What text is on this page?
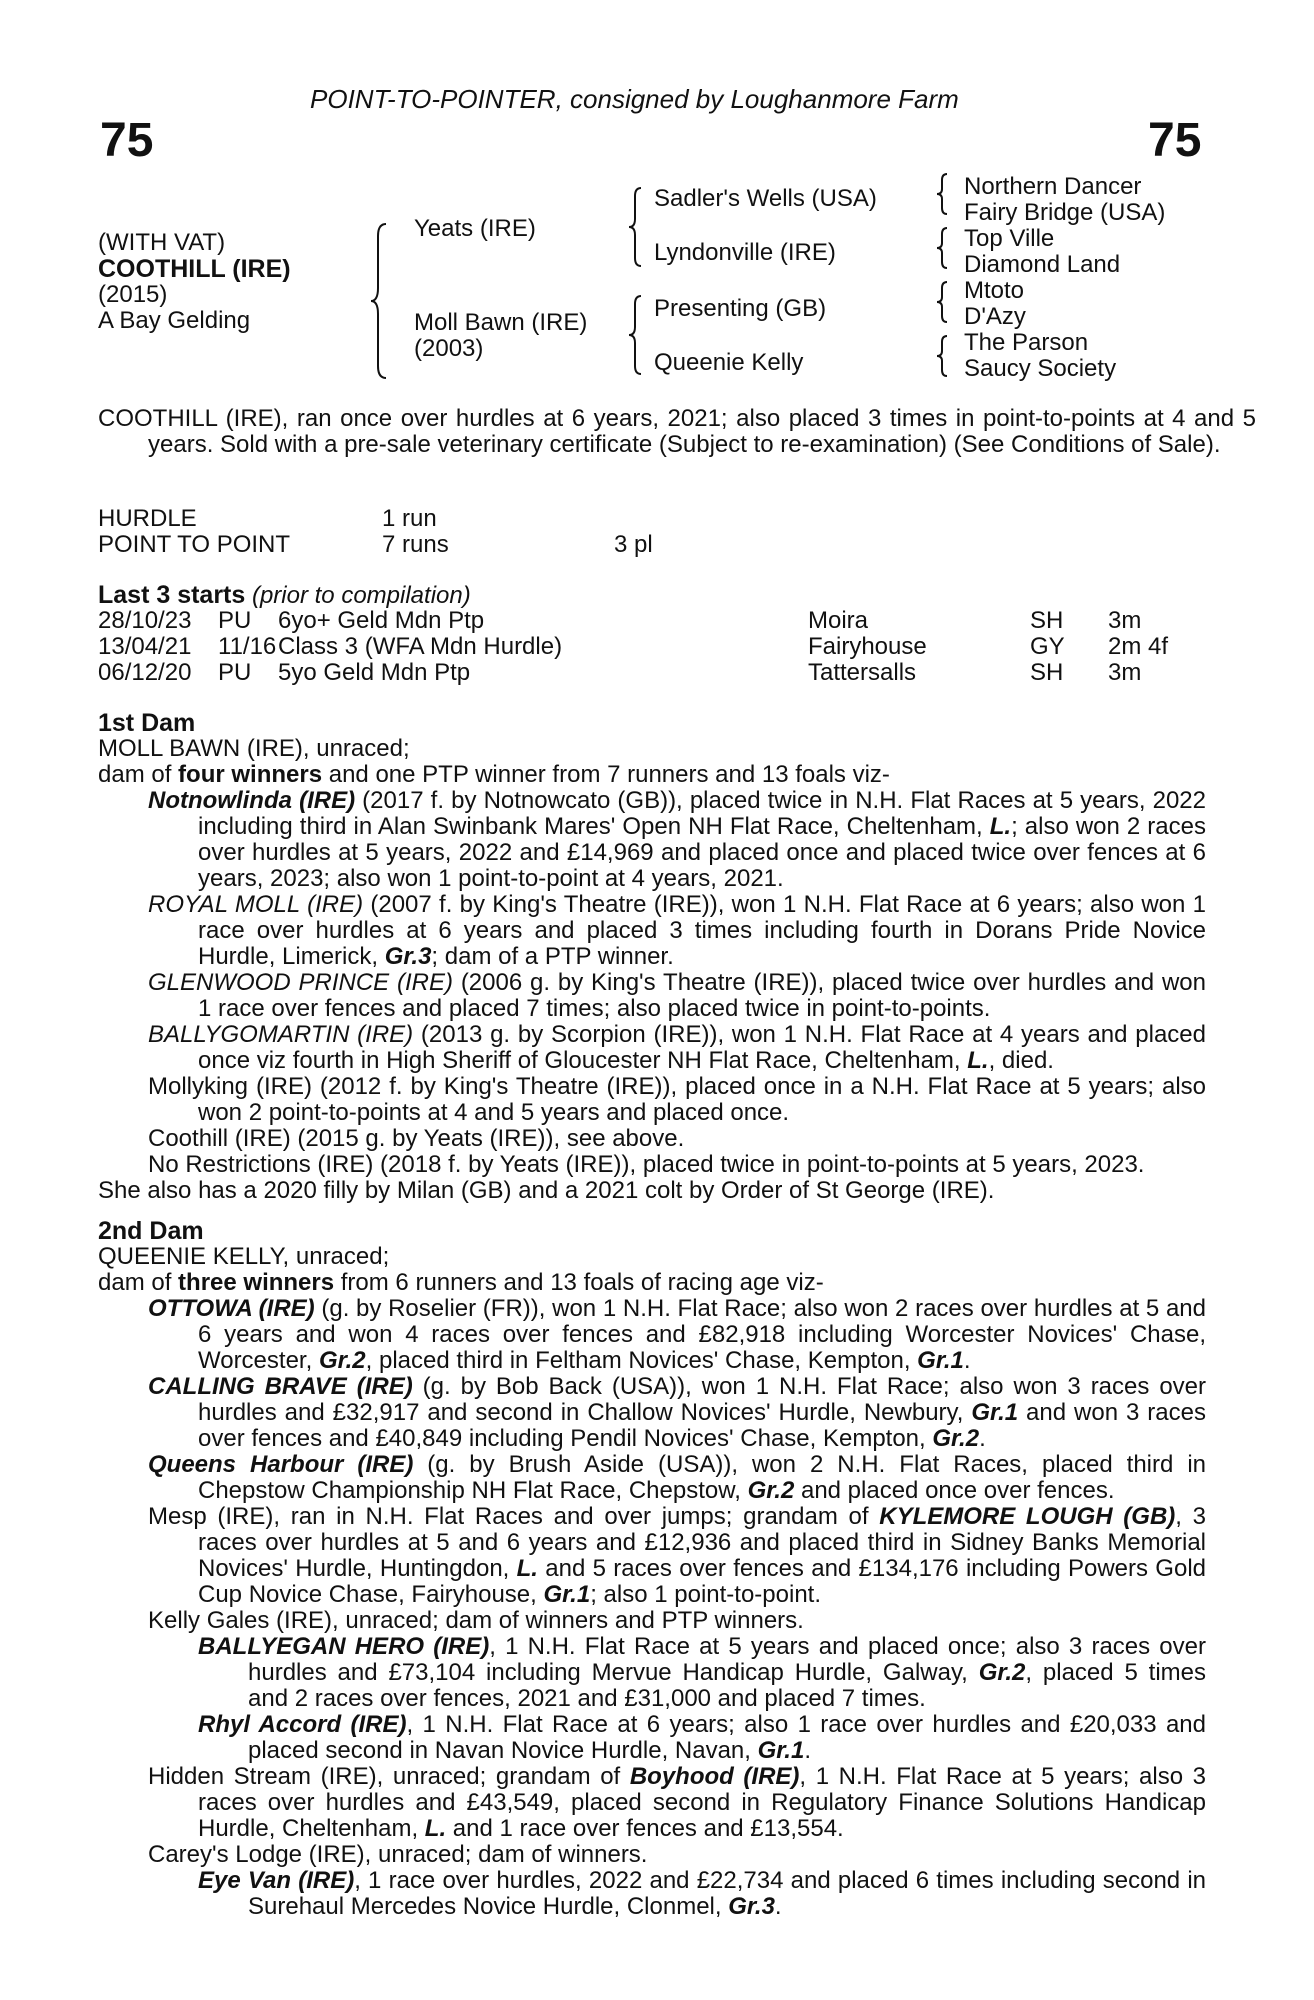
POINT-TO-POINTER, consigned by Loughanmore Farm
75	75
(WITH VAT)
COOTHILL (IRE)
(2015)
A Bay Gelding
Yeats (IRE)
Moll Bawn (IRE)
(2003)
Sadler's Wells (USA)
Lyndonville (IRE)
Presenting (GB)
Queenie Kelly
Northern Dancer
Fairy Bridge (USA)
Top Ville
Diamond Land
Mtoto
D'Azy
The Parson
Saucy Society
COOTHILL (IRE), ran once over hurdles at 6 years, 2021; also placed 3 times in point-to-points at 4 and 5 years. Sold with a pre-sale veterinary certificate (Subject to re-examination) (See Conditions of Sale).
HURDLE	1 run	
POINT TO POINT	7 runs	3 pl
Last 3 starts (prior to compilation)
28/10/23	PU	6yo+ Geld Mdn Ptp	Moira	SH	3m
13/04/21	11/16	Class 3 (WFA Mdn Hurdle)	Fairyhouse	GY	2m 4f
06/12/20	PU	5yo Geld Mdn Ptp	Tattersalls	SH	3m
1st Dam
MOLL BAWN (IRE), unraced;
dam of four winners and one PTP winner from 7 runners and 13 foals viz-
Notnowlinda (IRE) (2017 f. by Notnowcato (GB)), placed twice in N.H. Flat Races at 5 years, 2022 including third in Alan Swinbank Mares' Open NH Flat Race, Cheltenham, L.; also won 2 races over hurdles at 5 years, 2022 and £14,969 and placed once and placed twice over fences at 6 years, 2023; also won 1 point-to-point at 4 years, 2021.
ROYAL MOLL (IRE) (2007 f. by King's Theatre (IRE)), won 1 N.H. Flat Race at 6 years; also won 1 race over hurdles at 6 years and placed 3 times including fourth in Dorans Pride Novice Hurdle, Limerick, Gr.3; dam of a PTP winner.
GLENWOOD PRINCE (IRE) (2006 g. by King's Theatre (IRE)), placed twice over hurdles and won 1 race over fences and placed 7 times; also placed twice in point-to-points.
BALLYGOMARTIN (IRE) (2013 g. by Scorpion (IRE)), won 1 N.H. Flat Race at 4 years and placed once viz fourth in High Sheriff of Gloucester NH Flat Race, Cheltenham, L., died.
Mollyking (IRE) (2012 f. by King's Theatre (IRE)), placed once in a N.H. Flat Race at 5 years; also won 2 point-to-points at 4 and 5 years and placed once.
Coothill (IRE) (2015 g. by Yeats (IRE)), see above.
No Restrictions (IRE) (2018 f. by Yeats (IRE)), placed twice in point-to-points at 5 years, 2023.
She also has a 2020 filly by Milan (GB) and a 2021 colt by Order of St George (IRE).
2nd Dam
QUEENIE KELLY, unraced;
dam of three winners from 6 runners and 13 foals of racing age viz-
OTTOWA (IRE) (g. by Roselier (FR)), won 1 N.H. Flat Race; also won 2 races over hurdles at 5 and 6 years and won 4 races over fences and £82,918 including Worcester Novices' Chase, Worcester, Gr.2, placed third in Feltham Novices' Chase, Kempton, Gr.1.
CALLING BRAVE (IRE) (g. by Bob Back (USA)), won 1 N.H. Flat Race; also won 3 races over hurdles and £32,917 and second in Challow Novices' Hurdle, Newbury, Gr.1 and won 3 races over fences and £40,849 including Pendil Novices' Chase, Kempton, Gr.2.
Queens Harbour (IRE) (g. by Brush Aside (USA)), won 2 N.H. Flat Races, placed third in Chepstow Championship NH Flat Race, Chepstow, Gr.2 and placed once over fences.
Mesp (IRE), ran in N.H. Flat Races and over jumps; grandam of KYLEMORE LOUGH (GB), 3 races over hurdles at 5 and 6 years and £12,936 and placed third in Sidney Banks Memorial Novices' Hurdle, Huntingdon, L. and 5 races over fences and £134,176 including Powers Gold Cup Novice Chase, Fairyhouse, Gr.1; also 1 point-to-point.
Kelly Gales (IRE), unraced; dam of winners and PTP winners.
BALLYEGAN HERO (IRE), 1 N.H. Flat Race at 5 years and placed once; also 3 races over hurdles and £73,104 including Mervue Handicap Hurdle, Galway, Gr.2, placed 5 times and 2 races over fences, 2021 and £31,000 and placed 7 times.
Rhyl Accord (IRE), 1 N.H. Flat Race at 6 years; also 1 race over hurdles and £20,033 and placed second in Navan Novice Hurdle, Navan, Gr.1.
Hidden Stream (IRE), unraced; grandam of Boyhood (IRE), 1 N.H. Flat Race at 5 years; also 3 races over hurdles and £43,549, placed second in Regulatory Finance Solutions Handicap Hurdle, Cheltenham, L. and 1 race over fences and £13,554.
Carey's Lodge (IRE), unraced; dam of winners.
Eye Van (IRE), 1 race over hurdles, 2022 and £22,734 and placed 6 times including second in Surehaul Mercedes Novice Hurdle, Clonmel, Gr.3.
